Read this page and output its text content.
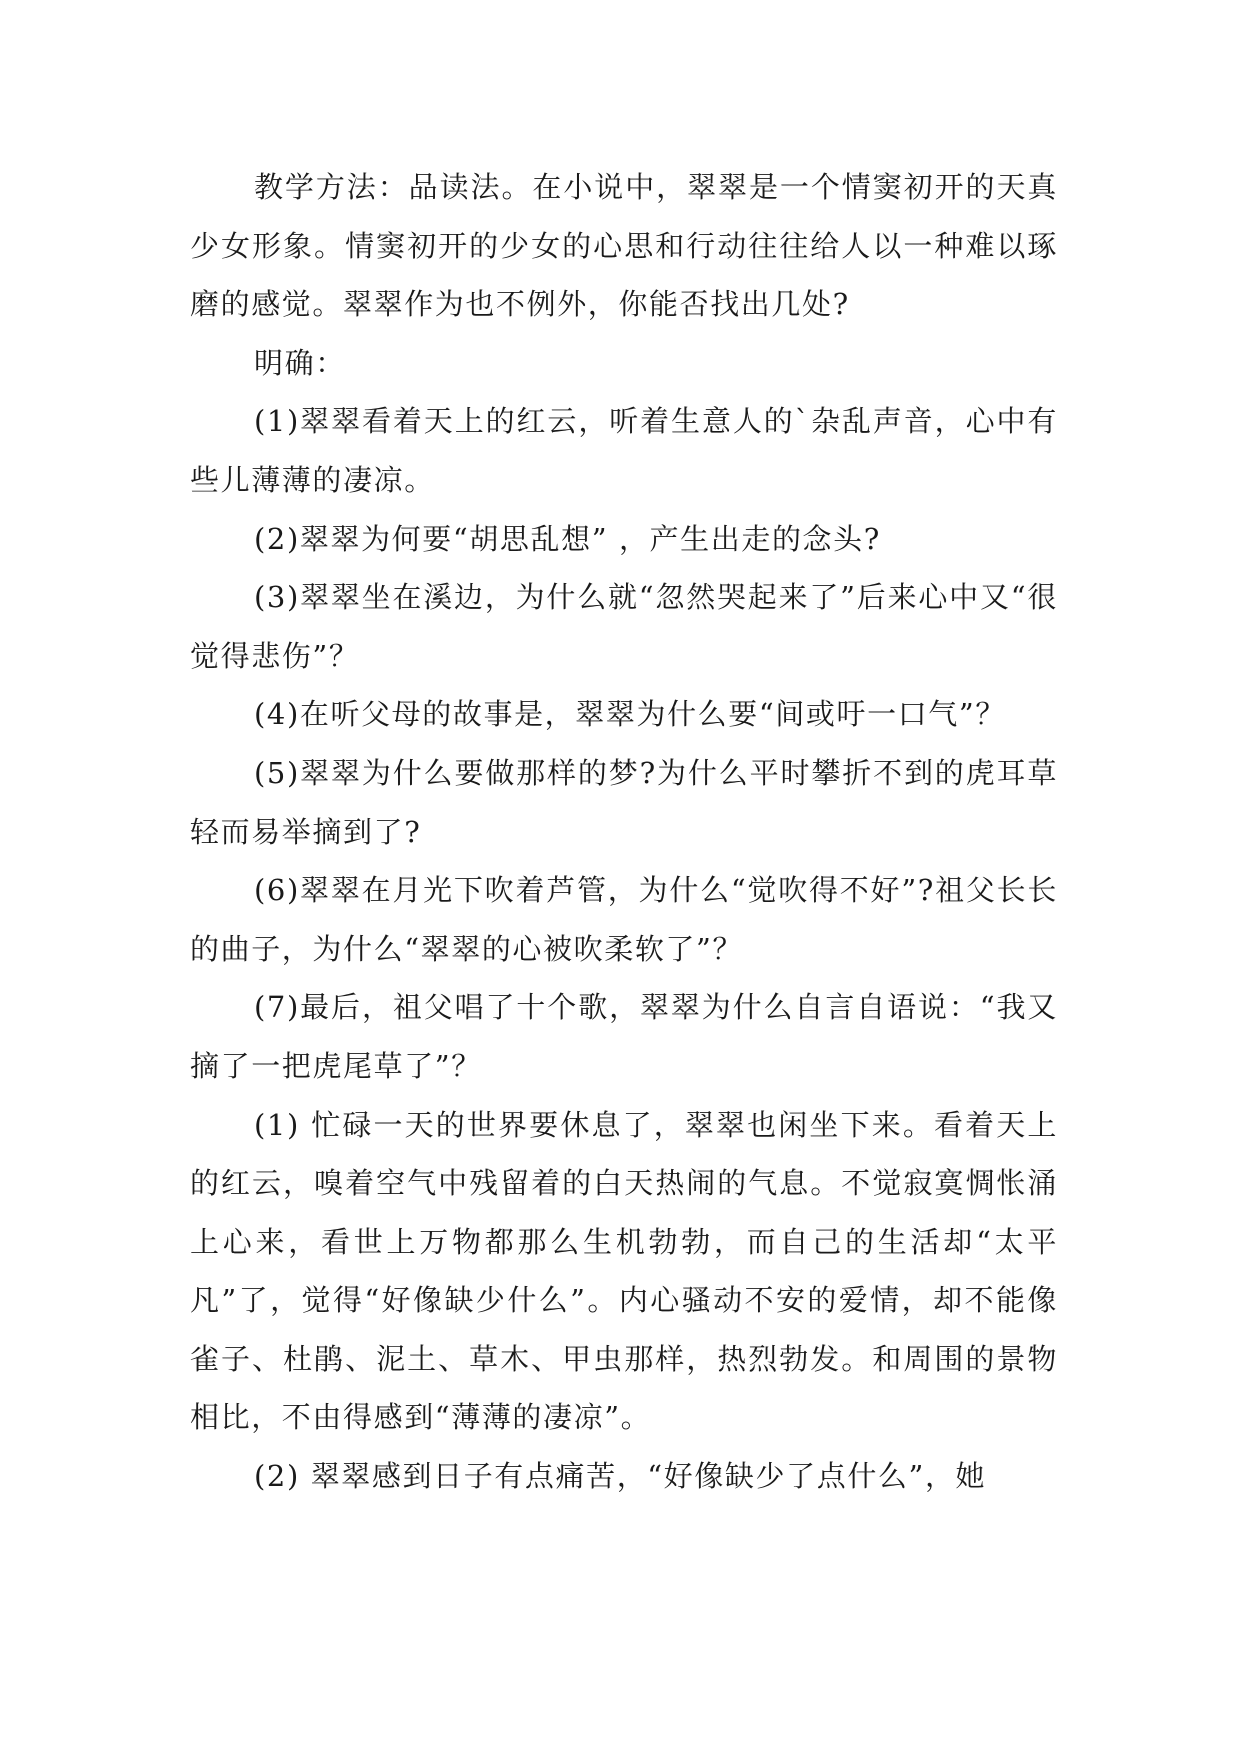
教学方法：品读法。在小说中，翠翠是一个情窦初开的天真少女形象。情窦初开的少女的心思和行动往往给人以一种难以琢磨的感觉。翠翠作为也不例外，你能否找出几处?

明确：

(1)翠翠看着天上的红云，听着生意人的`杂乱声音，心中有些儿薄薄的凄凉。

(2)翠翠为何要“胡思乱想” ，产生出走的念头?

(3)翠翠坐在溪边，为什么就“忽然哭起来了”后来心中又“很觉得悲伤”？

(4)在听父母的故事是，翠翠为什么要“间或吁一口气”？

(5)翠翠为什么要做那样的梦?为什么平时攀折不到的虎耳草轻而易举摘到了?

(6)翠翠在月光下吹着芦管，为什么“觉吹得不好”?祖父长长的曲子，为什么“翠翠的心被吹柔软了”？

(7)最后，祖父唱了十个歌，翠翠为什么自言自语说：“我又摘了一把虎尾草了”？

(1) 忙碌一天的世界要休息了，翠翠也闲坐下来。看着天上的红云，嗅着空气中残留着的白天热闹的气息。不觉寂寞惆怅涌上心来，看世上万物都那么生机勃勃，而自己的生活却“太平凡”了，觉得“好像缺少什么”。内心骚动不安的爱情，却不能像雀子、杜鹃、泥土、草木、甲虫那样，热烈勃发。和周围的景物相比，不由得感到“薄薄的凄凉”。

(2) 翠翠感到日子有点痛苦，“好像缺少了点什么”，她
